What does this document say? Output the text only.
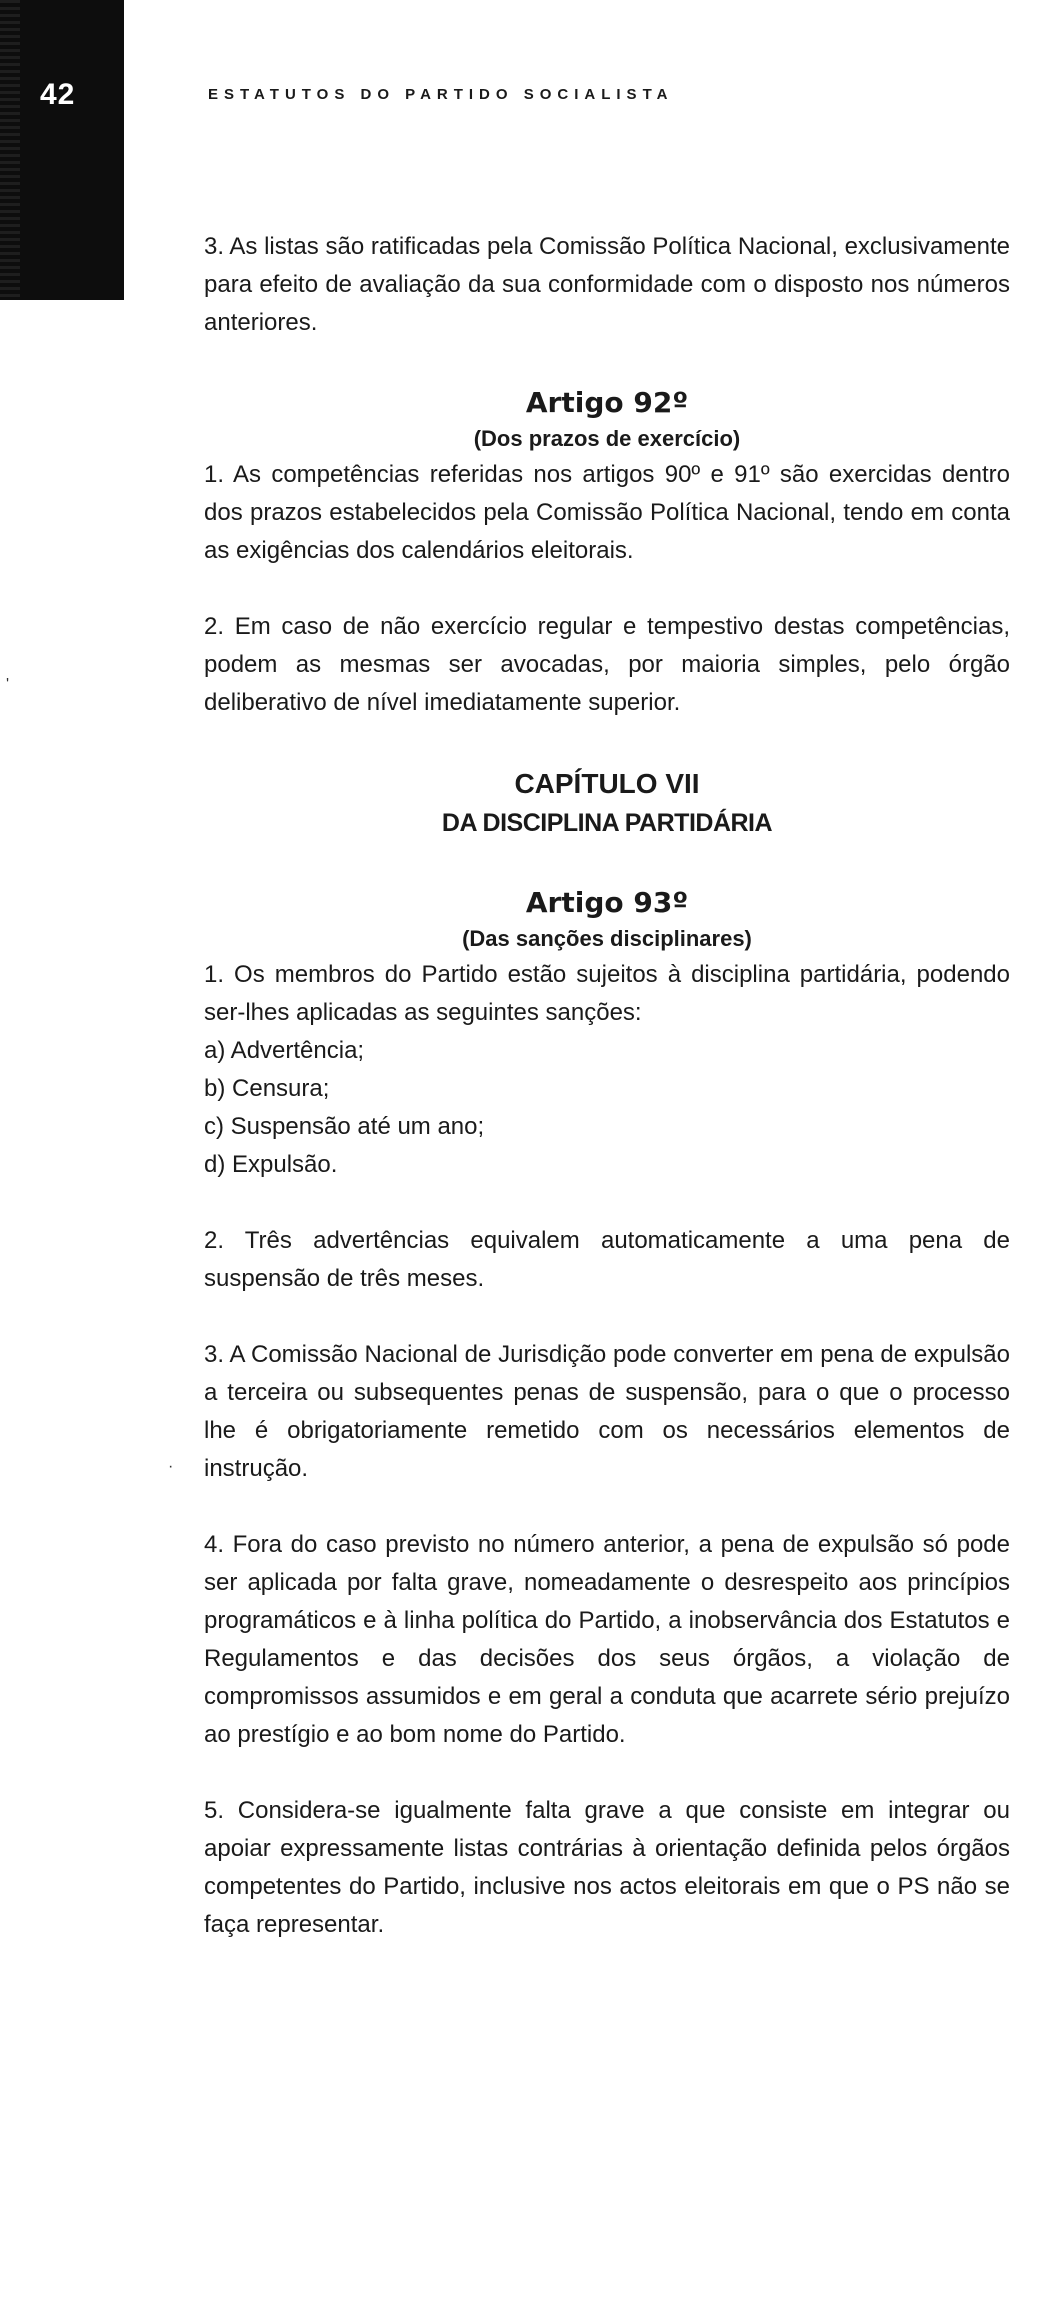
42	ESTATUTOS DO PARTIDO SOCIALISTA
'
·

3. As listas são ratificadas pela Comissão Política Nacional, exclusivamente para efeito de avaliação da sua conformidade com o disposto nos números anteriores.

Artigo 92º
(Dos prazos de exercício)

1. As competências referidas nos artigos 90º e 91º são exercidas dentro dos prazos estabelecidos pela Comissão Política Nacional, tendo em conta as exigências dos calendários eleitorais.

2. Em caso de não exercício regular e tempestivo destas competências, podem as mesmas ser avocadas, por maioria simples, pelo órgão deliberativo de nível imediatamente superior.

CAPÍTULO VII
DA DISCIPLINA PARTIDÁRIA
Artigo 93º
(Das sanções disciplinares)

1. Os membros do Partido estão sujeitos à disciplina partidária, podendo ser-lhes aplicadas as seguintes sanções:

a) Advertência;
b) Censura;
c) Suspensão até um ano;
d) Expulsão.

2. Três advertências equivalem automaticamente a uma pena de suspensão de três meses.

3. A Comissão Nacional de Jurisdição pode converter em pena de expulsão a terceira ou subsequentes penas de suspensão, para o que o processo lhe é obrigatoriamente remetido com os necessários elementos de instrução.

4. Fora do caso previsto no número anterior, a pena de expulsão só pode ser aplicada por falta grave, nomeadamente o desrespeito aos princípios programáticos e à linha política do Partido, a inobservância dos Estatutos e Regulamentos e das decisões dos seus órgãos, a violação de compromissos assumidos e em geral a conduta que acarrete sério prejuízo ao prestígio e ao bom nome do Partido.

5. Considera-se igualmente falta grave a que consiste em integrar ou apoiar expressamente listas contrárias à orientação definida pelos órgãos competentes do Partido, inclusive nos actos eleitorais em que o PS não se faça representar.
